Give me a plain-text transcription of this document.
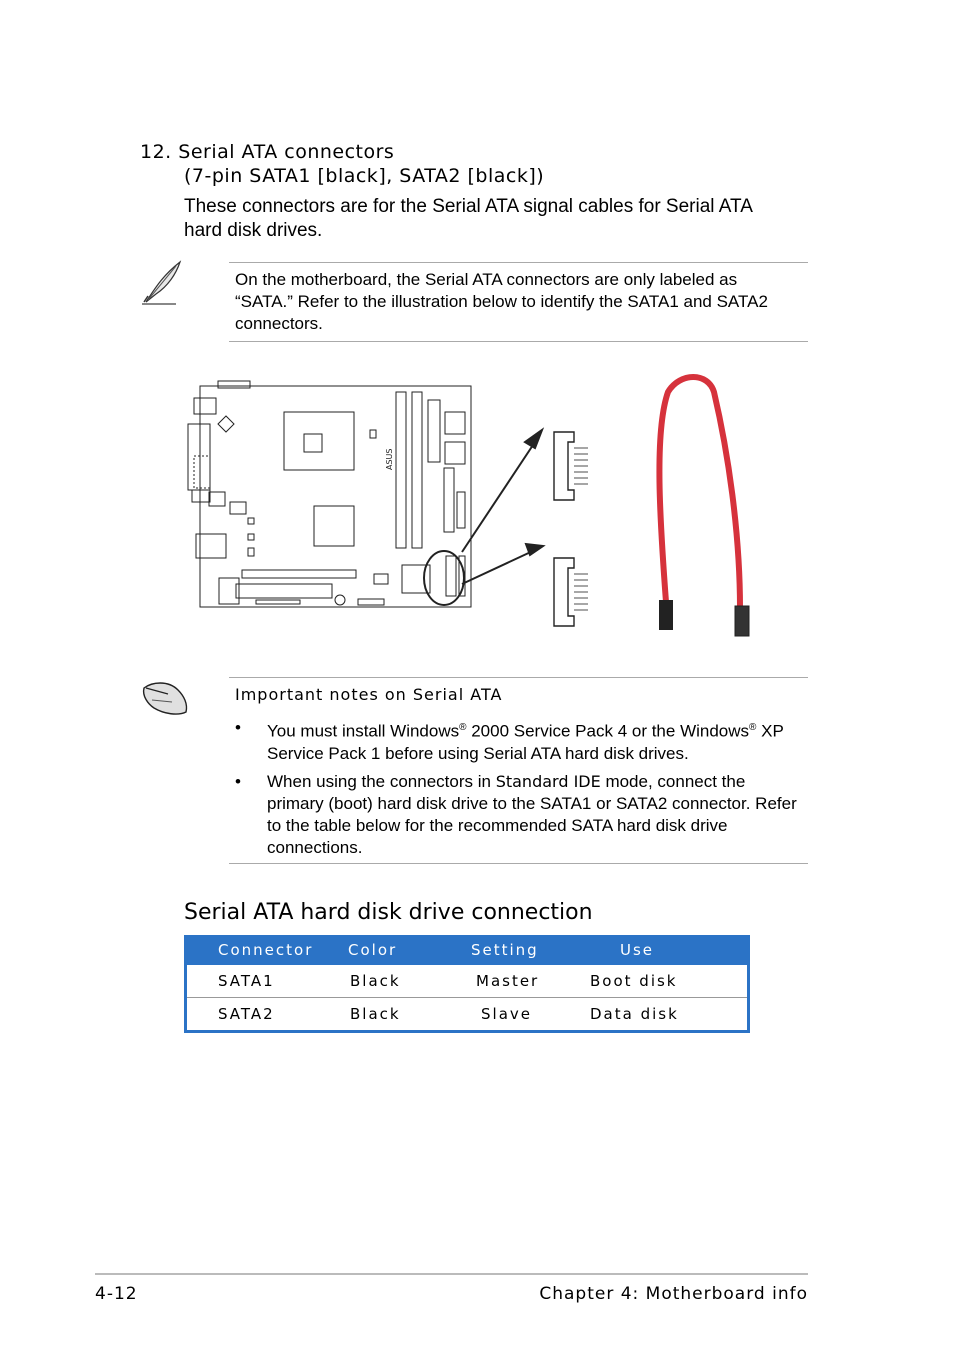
12. Serial ATA connectors
(7-pin SATA1 [black], SATA2 [black])
These connectors are for the Serial ATA signal cables for Serial ATA hard disk drives.
On the motherboard, the Serial ATA connectors are only labeled as “SATA.” Refer to the illustration below to identify the SATA1 and SATA2 connectors.
ASUS
Important notes on Serial ATA
• You must install Windows® 2000 Service Pack 4 or the Windows® XP Service Pack 1 before using Serial ATA hard disk drives.
• When using the connectors in Standard IDE mode, connect the primary (boot) hard disk drive to the SATA1 or SATA2 connector. Refer to the table below for the recommended SATA hard disk drive connections.
Serial ATA hard disk drive connection
Connector	Color	Setting	Use
SATA1	Black	Master	Boot disk
SATA2	Black	Slave	Data disk
4-12	Chapter 4: Motherboard info
